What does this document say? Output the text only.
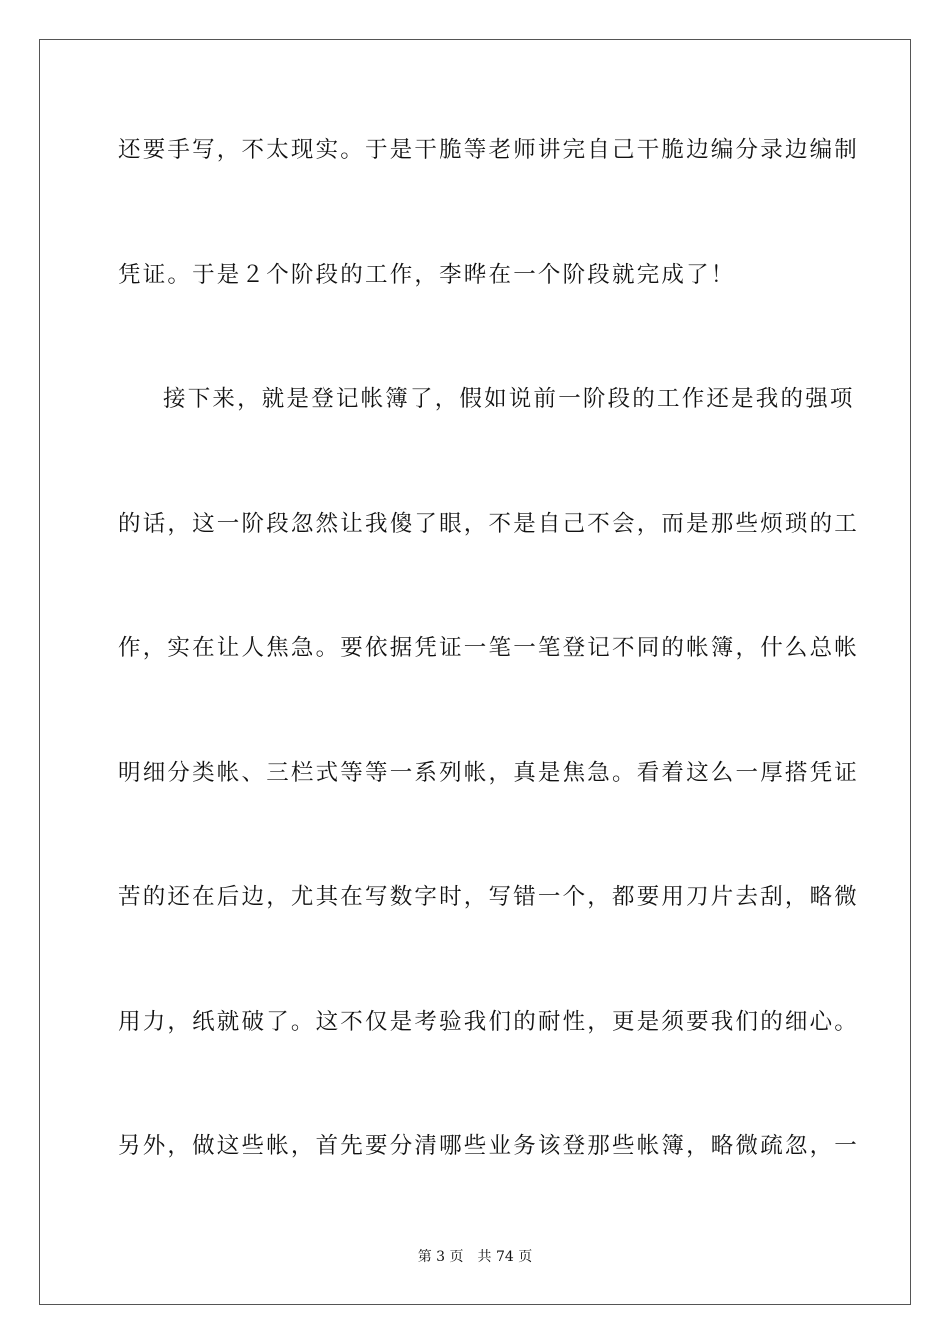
还要手写，不太现实。于是干脆等老师讲完自己干脆边编分录边编制
凭证。于是２个阶段的工作，李晔在一个阶段就完成了！
接下来，就是登记帐簿了，假如说前一阶段的工作还是我的强项
的话，这一阶段忽然让我傻了眼，不是自己不会，而是那些烦琐的工
作，实在让人焦急。要依据凭证一笔一笔登记不同的帐簿，什么总帐
明细分类帐、三栏式等等一系列帐，真是焦急。看着这么一厚搭凭证
苦的还在后边，尤其在写数字时，写错一个，都要用刀片去刮，略微
用力，纸就破了。这不仅是考验我们的耐性，更是须要我们的细心。
另外，做这些帐，首先要分清哪些业务该登那些帐簿，略微疏忽，一
第 3 页 共 74 页
